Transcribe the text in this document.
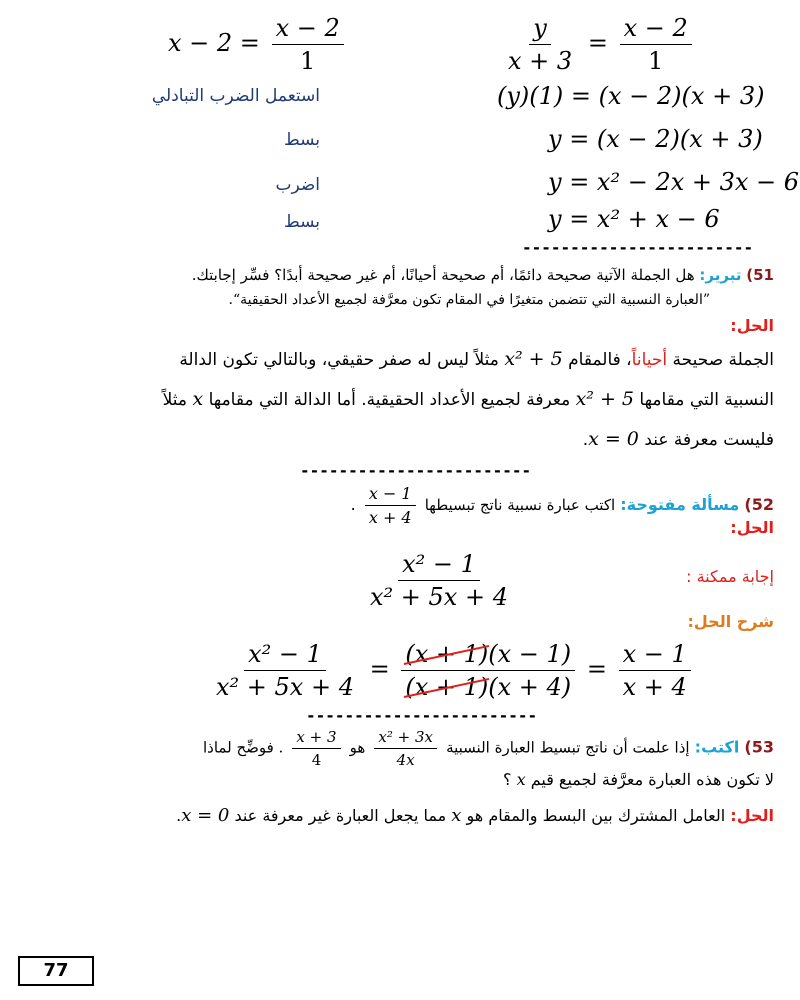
$x - 2 = \frac{x - 2}{1}$	$\frac{y}{x + 3} = \frac{x - 2}{1}$
استعمل الضرب التبادلي	(y)(1) = (x − 2)(x + 3)
بسط	y = (x − 2)(x + 3)
اضرب	y = x² − 2x + 3x − 6
بسط	y = x² + x − 6
------------------------
51) تبرير: هل الجملة الآتية صحيحة دائمًا، أم صحيحة أحيانًا، أم غير صحيحة أبدًا؟ فسِّر إجابتك.
”العبارة النسبية التي تتضمن متغيرًا في المقام تكون معرَّفة لجميع الأعداد الحقيقية“.
الحل:
الجملة صحيحة أحياناً، فالمقام x² + 5 مثلاً ليس له صفر حقيقي، وبالتالي تكون الدالة
النسبية التي مقامها x² + 5 معرفة لجميع الأعداد الحقيقية. أما الدالة التي مقامها x مثلاً
فليست معرفة عند x = 0.
------------------------
52) مسألة مفتوحة: اكتب عبارة نسبية ناتج تبسيطها
$\frac{x - 1}{x + 4}$
.
الحل:
إجابة ممكنة :
$\frac{\text{x² − 1}}{\text{x² + 5x + 4}}$
شرح الحل:
$\frac{\text{x² − 1}}{\text{x² + 5x + 4}} = \frac{(x + 1)(x - 1)}{(x + 1)(x + 4)} = \frac{x - 1}{x + 4}$
------------------------
53) اكتب: إذا علمت أن ناتج تبسيط العبارة النسبية
$\frac{\text{x² + 3x}}{4x}$
هو
$\frac{x + 3}{4}$
. فوضِّح لماذا
لا تكون هذه العبارة معرَّفة لجميع قيم x ؟
الحل: العامل المشترك بين البسط والمقام هو x مما يجعل العبارة غير معرفة عند x = 0.
77
